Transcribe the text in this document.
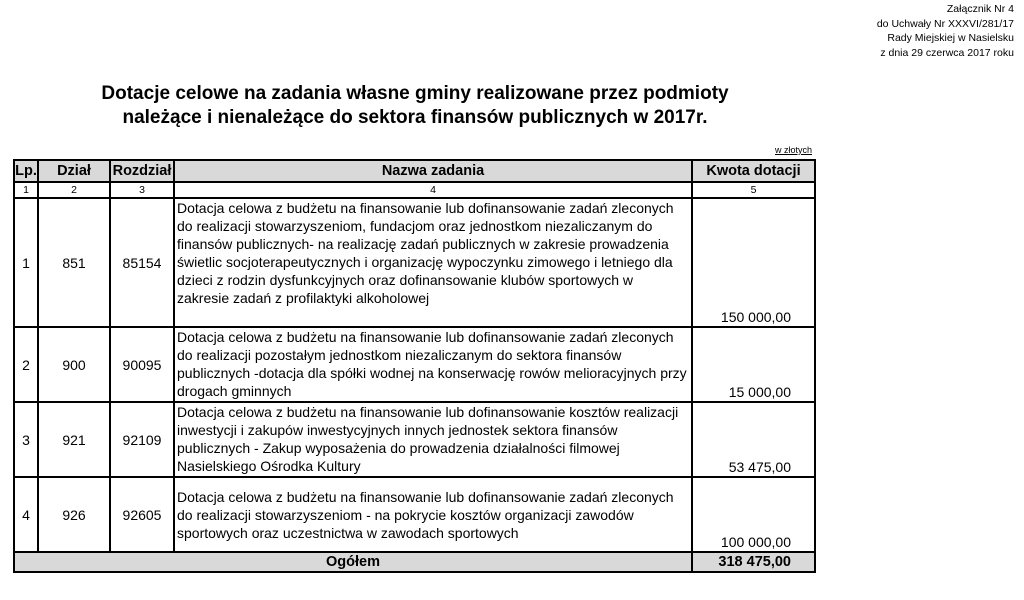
Załącznik Nr 4
do Uchwały Nr XXXVI/281/17
Rady Miejskiej w Nasielsku
z dnia 29 czerwca 2017 roku
Dotacje celowe na zadania własne gminy realizowane przez podmioty
należące i nienależące do sektora finansów publicznych w 2017r.
w złotych
Lp.	Dział	Rozdział	Nazwa zadania	Kwota dotacji
1	2	3	4	5
1	851	85154	Dotacja celowa z budżetu na finansowanie lub dofinansowanie zadań zleconych do realizacji stowarzyszeniom, fundacjom oraz jednostkom niezaliczanym do finansów publicznych- na realizację zadań publicznych w zakresie prowadzenia świetlic socjoterapeutycznych i organizację wypoczynku zimowego i letniego dla dzieci z rodzin dysfunkcyjnych oraz dofinansowanie klubów sportowych w zakresie zadań z profilaktyki alkoholowej	150 000,00
2	900	90095	Dotacja celowa z budżetu na finansowanie lub dofinansowanie zadań zleconych do realizacji pozostałym jednostkom niezaliczanym do sektora finansów publicznych -dotacja dla spółki wodnej na konserwację rowów melioracyjnych przy drogach gminnych	15 000,00
3	921	92109	Dotacja celowa z budżetu na finansowanie lub dofinansowanie kosztów realizacji inwestycji i zakupów inwestycyjnych innych jednostek sektora finansów publicznych - Zakup wyposażenia do prowadzenia działalności filmowej Nasielskiego Ośrodka Kultury	53 475,00
4	926	92605	Dotacja celowa z budżetu na finansowanie lub dofinansowanie zadań zleconych do realizacji stowarzyszeniom - na pokrycie kosztów organizacji zawodów sportowych oraz uczestnictwa w zawodach sportowych	100 000,00
Ogółem				318 475,00
